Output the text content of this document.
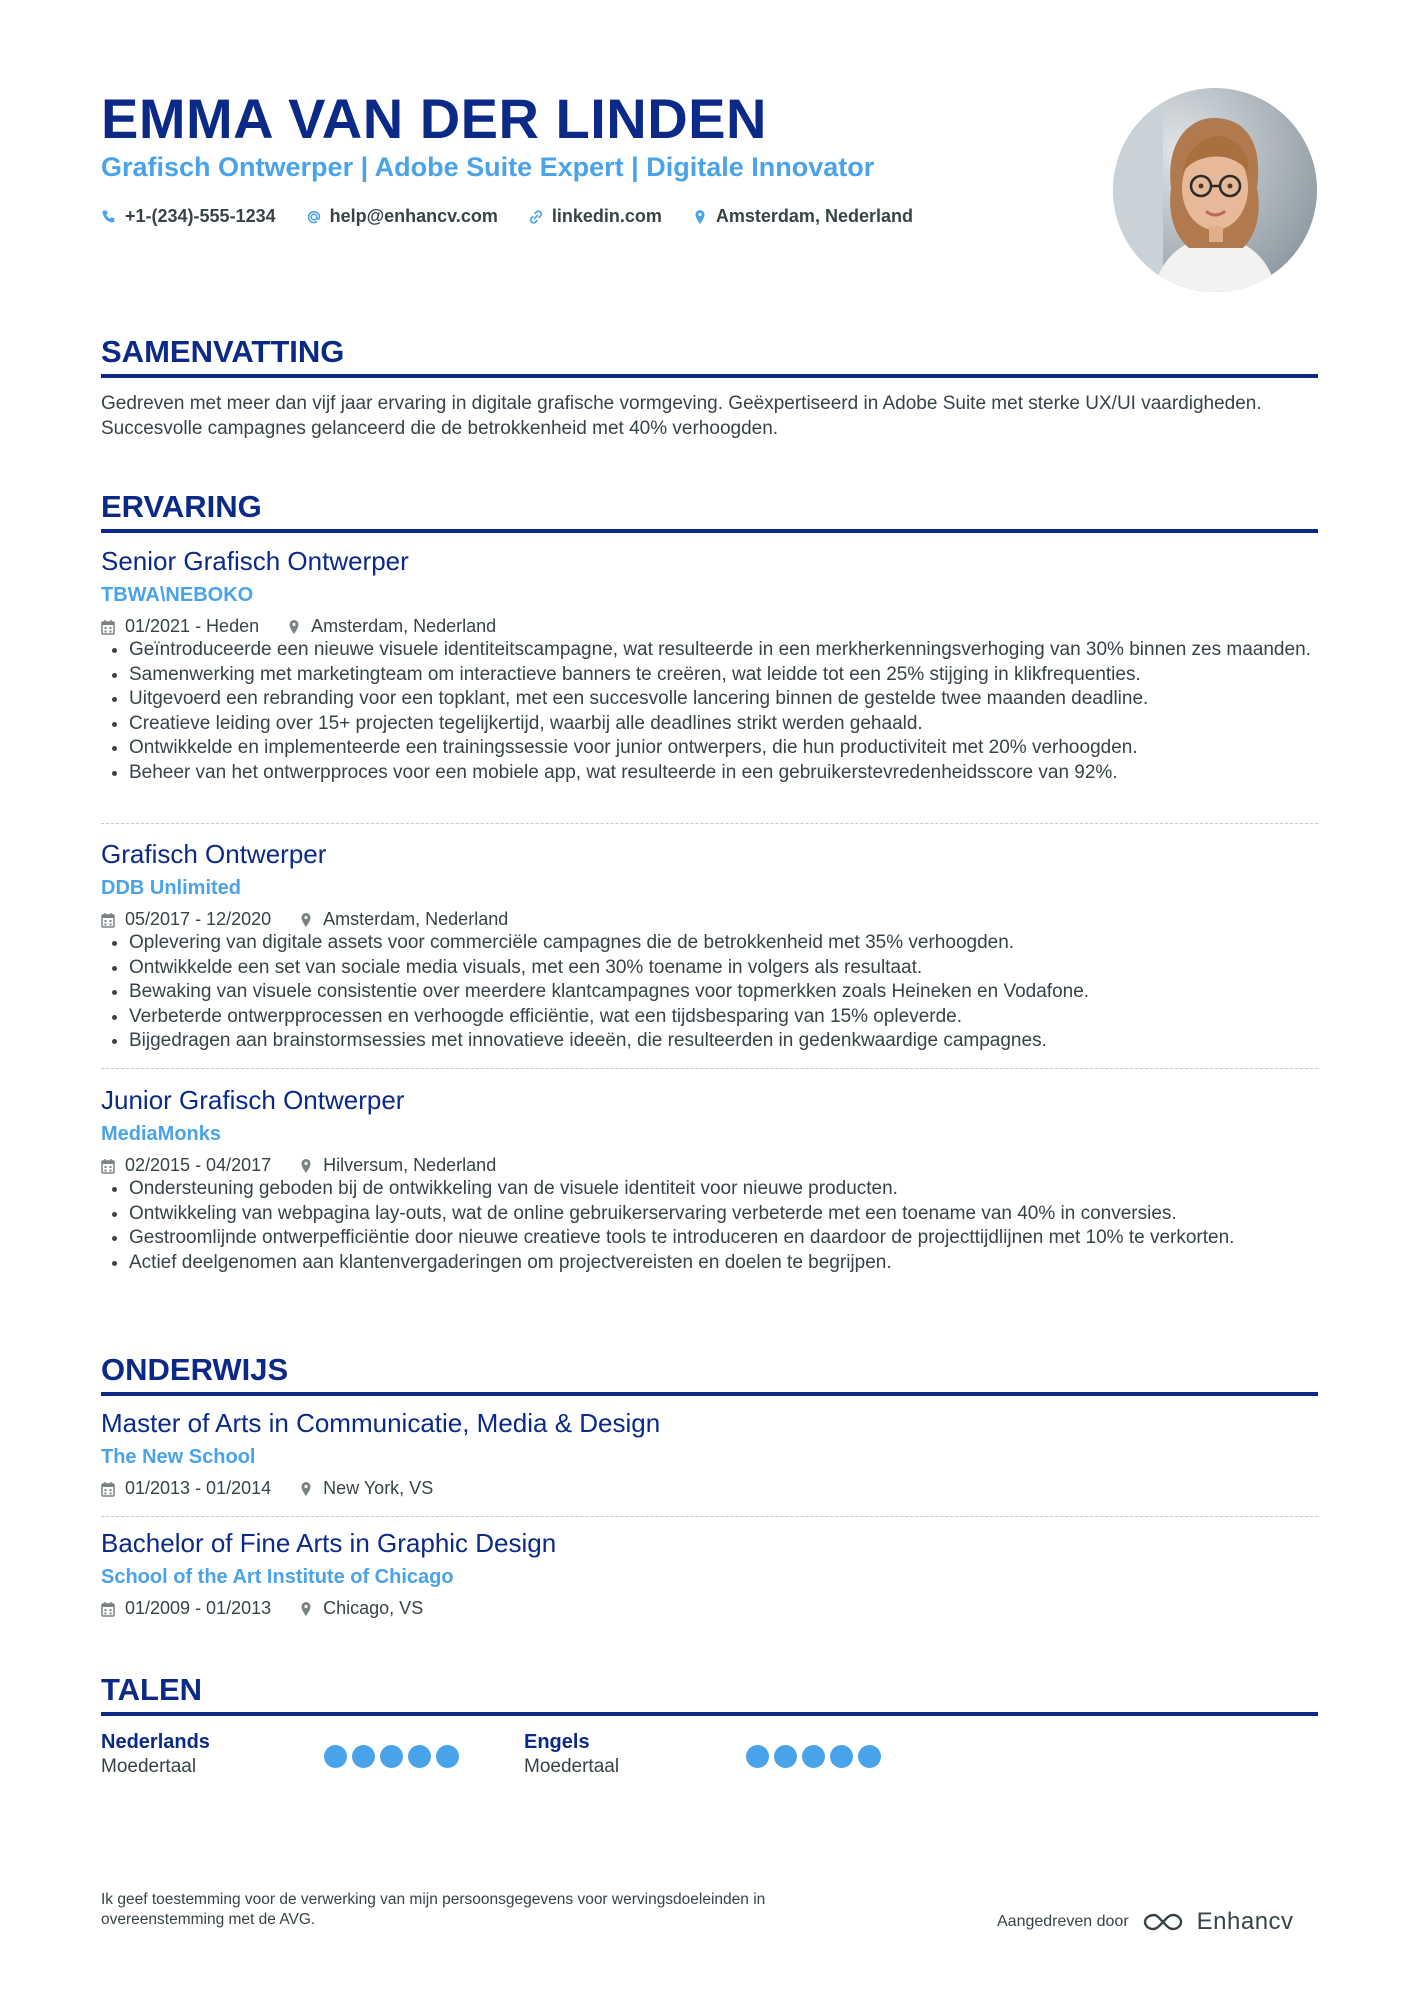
EMMA VAN DER LINDEN
Grafisch Ontwerper | Adobe Suite Expert | Digitale Innovator
+1-(234)-555-1234	help@enhancv.com	linkedin.com	Amsterdam, Nederland
SAMENVATTING
Gedreven met meer dan vijf jaar ervaring in digitale grafische vormgeving. Geëxpertiseerd in Adobe Suite met sterke UX/UI vaardigheden. Succesvolle campagnes gelanceerd die de betrokkenheid met 40% verhoogden.
ERVARING
Senior Grafisch Ontwerper
TBWA\NEBOKO
01/2021 - Heden	Amsterdam, Nederland
• Geïntroduceerde een nieuwe visuele identiteitscampagne, wat resulteerde in een merkherkenningsverhoging van 30% binnen zes maanden.
• Samenwerking met marketingteam om interactieve banners te creëren, wat leidde tot een 25% stijging in klikfrequenties.
• Uitgevoerd een rebranding voor een topklant, met een succesvolle lancering binnen de gestelde twee maanden deadline.
• Creatieve leiding over 15+ projecten tegelijkertijd, waarbij alle deadlines strikt werden gehaald.
• Ontwikkelde en implementeerde een trainingssessie voor junior ontwerpers, die hun productiviteit met 20% verhoogden.
• Beheer van het ontwerpproces voor een mobiele app, wat resulteerde in een gebruikerstevredenheidsscore van 92%.
Grafisch Ontwerper
DDB Unlimited
05/2017 - 12/2020	Amsterdam, Nederland
• Oplevering van digitale assets voor commerciële campagnes die de betrokkenheid met 35% verhoogden.
• Ontwikkelde een set van sociale media visuals, met een 30% toename in volgers als resultaat.
• Bewaking van visuele consistentie over meerdere klantcampagnes voor topmerkken zoals Heineken en Vodafone.
• Verbeterde ontwerpprocessen en verhoogde efficiëntie, wat een tijdsbesparing van 15% opleverde.
• Bijgedragen aan brainstormsessies met innovatieve ideeën, die resulteerden in gedenkwaardige campagnes.
Junior Grafisch Ontwerper
MediaMonks
02/2015 - 04/2017	Hilversum, Nederland
• Ondersteuning geboden bij de ontwikkeling van de visuele identiteit voor nieuwe producten.
• Ontwikkeling van webpagina lay-outs, wat de online gebruikerservaring verbeterde met een toename van 40% in conversies.
• Gestroomlijnde ontwerpefficiëntie door nieuwe creatieve tools te introduceren en daardoor de projecttijdlijnen met 10% te verkorten.
• Actief deelgenomen aan klantenvergaderingen om projectvereisten en doelen te begrijpen.
ONDERWIJS
Master of Arts in Communicatie, Media & Design
The New School
01/2013 - 01/2014	New York, VS
Bachelor of Fine Arts in Graphic Design
School of the Art Institute of Chicago
01/2009 - 01/2013	Chicago, VS
TALEN
Nederlands
Moedertaal
Engels
Moedertaal
Ik geef toestemming voor de verwerking van mijn persoonsgegevens voor wervingsdoeleinden in overeenstemming met de AVG.	Aangedreven door	Enhancv
